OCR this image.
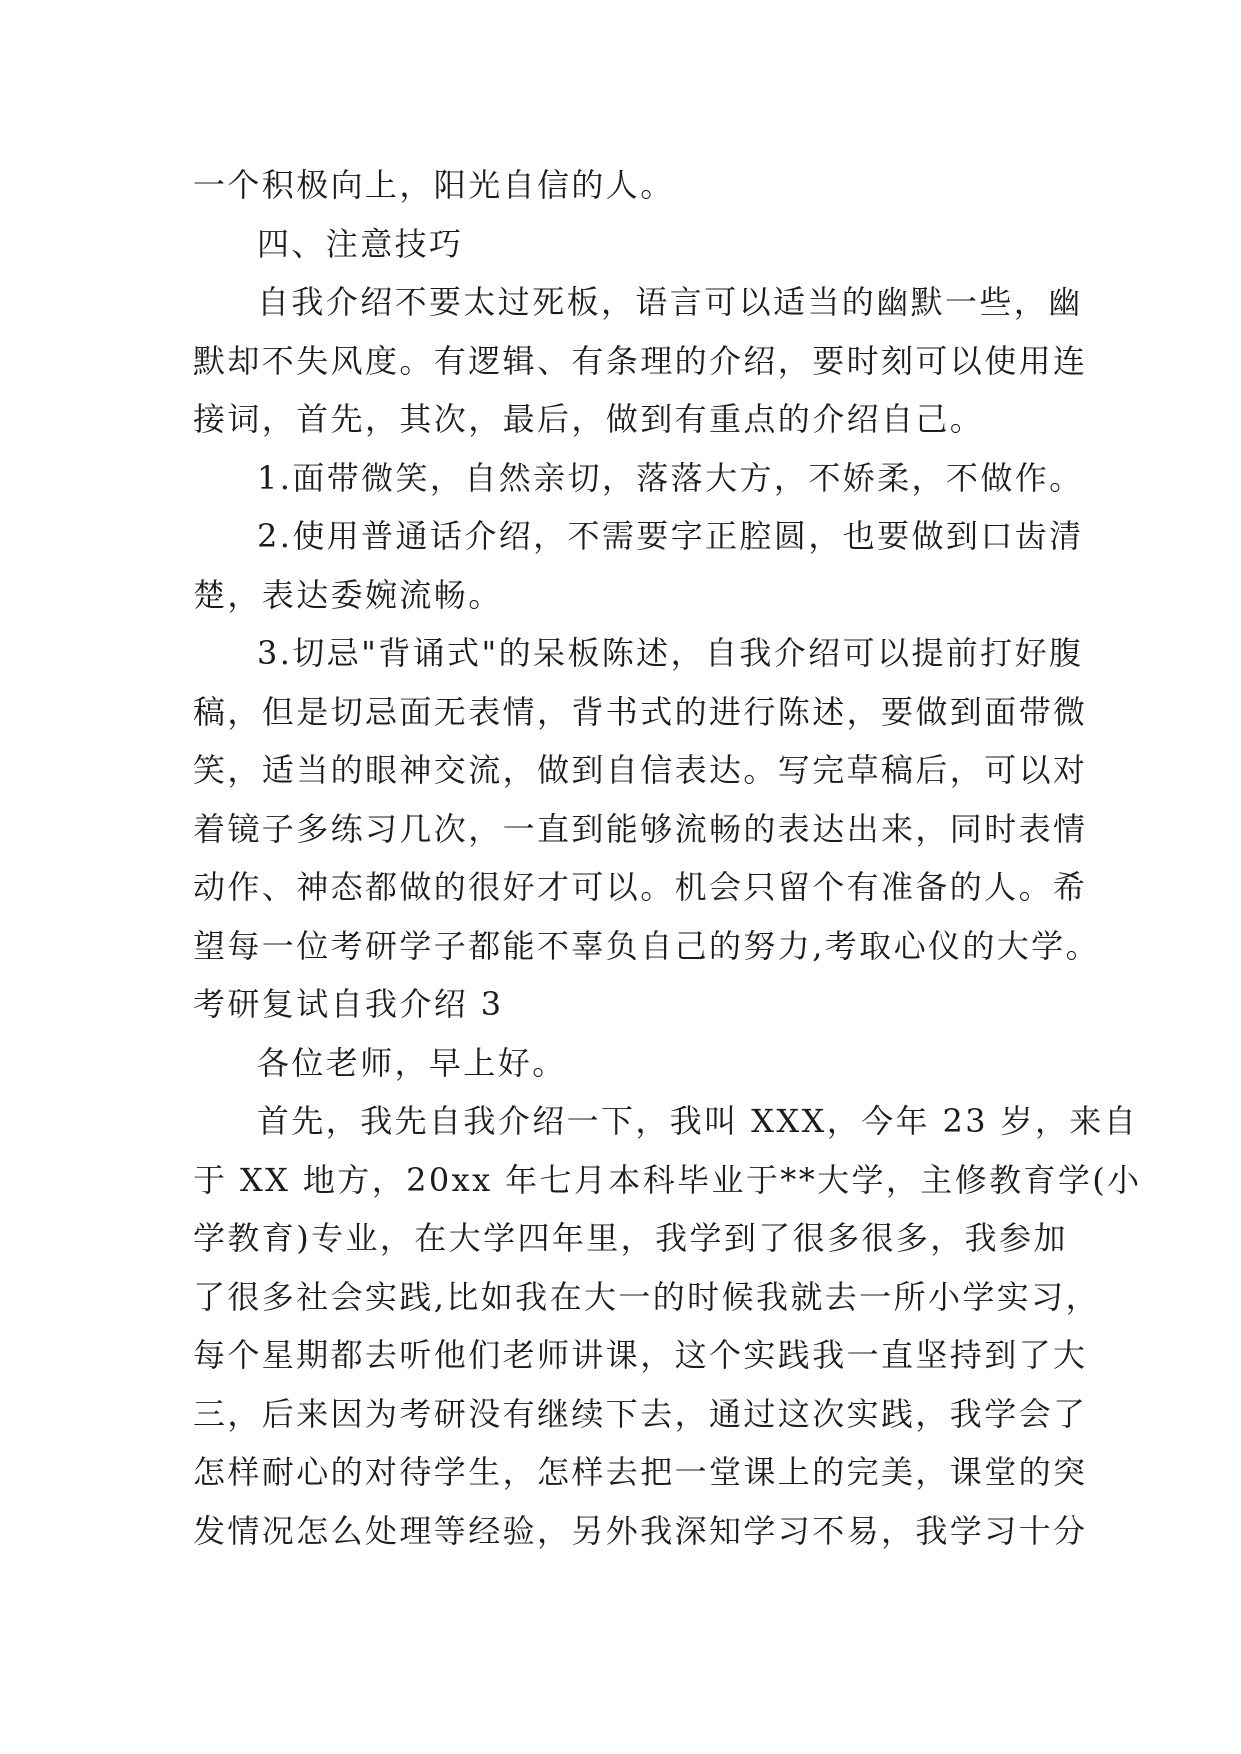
一个积极向上，阳光自信的人。
四、注意技巧
自我介绍不要太过死板，语言可以适当的幽默一些，幽
默却不失风度。有逻辑、有条理的介绍，要时刻可以使用连
接词，首先，其次，最后，做到有重点的介绍自己。
1.面带微笑，自然亲切，落落大方，不娇柔，不做作。
2.使用普通话介绍，不需要字正腔圆，也要做到口齿清
楚，表达委婉流畅。
3.切忌"背诵式"的呆板陈述，自我介绍可以提前打好腹
稿，但是切忌面无表情，背书式的进行陈述，要做到面带微
笑，适当的眼神交流，做到自信表达。写完草稿后，可以对
着镜子多练习几次，一直到能够流畅的表达出来，同时表情
动作、神态都做的很好才可以。机会只留个有准备的人。希
望每一位考研学子都能不辜负自己的努力,考取心仪的大学。
考研复试自我介绍 3
各位老师，早上好。
首先，我先自我介绍一下，我叫 XXX，今年 23 岁，来自
于 XX 地方，20xx 年七月本科毕业于**大学，主修教育学(小
学教育)专业，在大学四年里，我学到了很多很多，我参加
了很多社会实践,比如我在大一的时候我就去一所小学实习，
每个星期都去听他们老师讲课，这个实践我一直坚持到了大
三，后来因为考研没有继续下去，通过这次实践，我学会了
怎样耐心的对待学生，怎样去把一堂课上的完美，课堂的突
发情况怎么处理等经验，另外我深知学习不易，我学习十分
